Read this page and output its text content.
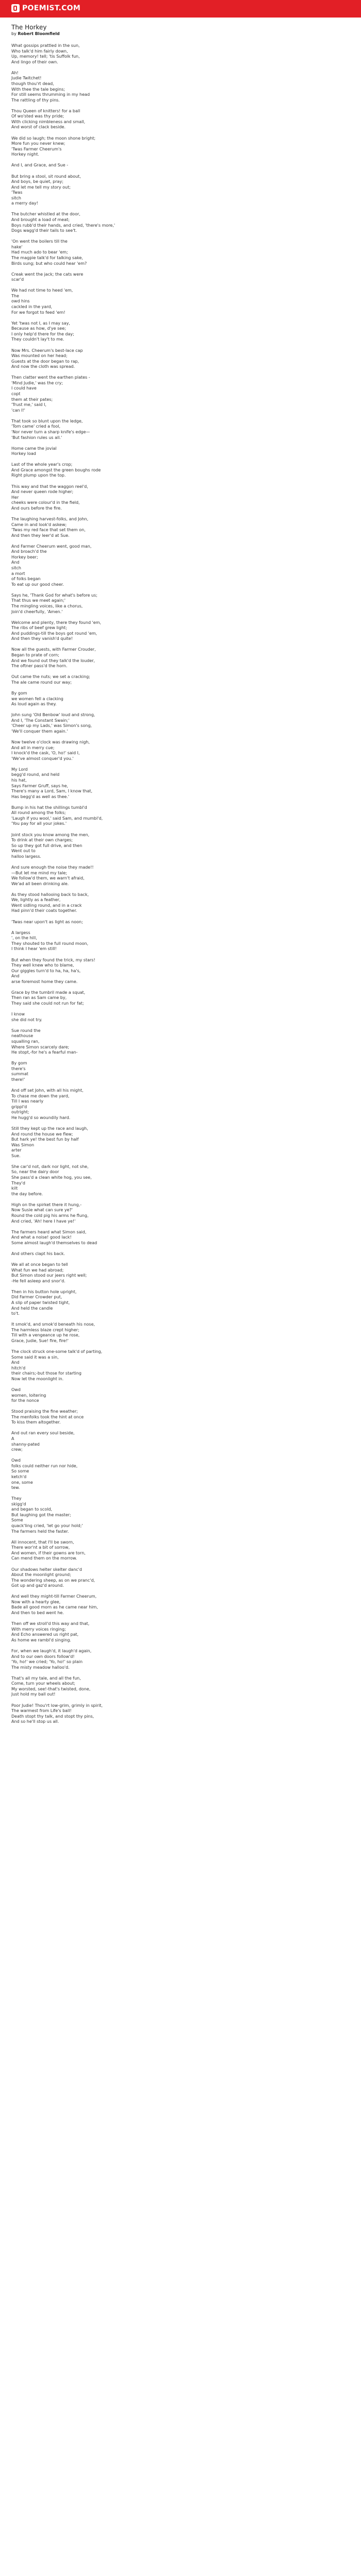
POEMIST.COM
The Horkey
by Robert Bloomfield
What gossips prattled in the sun,
Who talk'd him fairly down,
Up, memory! tell; 'tis Suffolk fun,
And lingo of their own.

Ah!
Judie Twitchet!
though thou'rt dead,
With thee the tale begins;
For still seems thrumming in my head
The rattling of thy pins.

Thou Queen of knitters! for a ball
Of wo'sted was thy pride;
With clicking nimbleness and small,
And worst of clack beside.

We did so laugh; the moon shone bright;
More fun you never knew;
'Twas Farmer Cheerum's
Horkey night.

And I, and Grace, and Sue -

But bring a stool, sit round about,
And boys, be quiet, pray;
And let me tell my story out;
'Twas
sitch
a merry day!

The butcher whistled at the door,
And brought a load of meat;
Boys rubb'd their hands, and cried, 'there's more,'
Dogs wagg'd their tails to see't.

'On went the boilers till the
hake'
Had much ado to bear 'em;
The magpie talk'd for talking sake,
Birds sung; but who could hear 'em?

Creak went the jack; the cats were
scar'd

We had not time to heed 'em,
The
owd hins
cackled in the yard,
For we forgot to feed 'em!

Yet 'twas not I, as I may say,
Because as how, d'ye see;
I only help'd there for the day;
They couldn't lay't to me.

Now Mrs. Cheerum's best-lace cap
Was mounted on her head;
Guests at the door began to rap,
And now the cloth was spread.

Then clatter went the earthen plates -
'Mind Judie,' was the cry;
I could have
copt
them at their pates;
'Trust me,' said I,
'can I!'

That took so blunt upon the ledge,
'Tom came' cried a fool,
'Nor never turn a sharp knife's edge—
'But fashion rules us all.'

Home came the jovial
Horkey load

Last of the whole year's crop;
And Grace amongst the green boughs rode
Right plump upon the top.

This way and that the waggon reel'd,
And never queen rode higher;
Her
cheeks were colour'd in the field,
And ours before the fire.

The laughing harvest-folks, and John,
Came in and look'd askew;
'Twas my red face that set them on,
And then they leer'd at Sue.

And Farmer Cheerum went, good man,
And broach'd the
Horkey beer;
And
sitch
a mort
of folks began
To eat up our good cheer.

Says he, 'Thank God for what's before us;
That thus we meet again;'
The mingling voices, like a chorus,
Join'd cheerfully, 'Amen.'

Welcome and plenty, there they found 'em,
The ribs of beef grew light;
And puddings-till the boys got round 'em,
And then they vanish'd quite!

Now all the guests, with Farmer Crouder,
Began to prate of corn;
And we found out they talk'd the louder,
The oftner pass'd the horn.

Out came the nuts; we set a cracking;
The ale came round our way;

By gom
we women fell a clacking
As loud again as they.

John sung 'Old Benbow' loud and strong,
And I, 'The Constant Swain;'
'Cheer up my Lads,' was Simon's song,
'We'll conquer them again.'

Now twelve o'clock was drawing nigh,
And all in merry cue;
I knock'd the cask, 'O, ho!' said I,
'We've almost conquer'd you.'

My Lord
begg'd round, and held
his hat,
Says Farmer Gruff, says he,
There's many a Lord, Sam, I know that,
Has begg'd as well as thee.'

Bump in his hat the shillings tumbl'd
All round among the folks;
'Laugh if you wool,' said Sam, and mumbl'd,
'You pay for all your jokes.'

Joint stock you know among the men,
To drink at their own charges;
So up they got full drive, and then
Went out to
halloo largess.

And sure enough the noise they made!!
—But let me mind my tale;
We follow'd them, we warn't afraid,
We'ad all been drinking ale.

As they stood hallooing back to back,
We, lightly as a feather,
Went sidling round, and in a crack
Had pinn'd their coats together.

'Twas near upon't as light as noon;

A largess
', on the hill,
They shouted to the full round moon,
I think I hear 'em still!

But when they found the trick, my stars!
They well knew who to blame,
Our giggles turn'd to ha, ha, ha's,
And
arse foremost home they came.

Grace by the tumbril made a squat,
Then ran as Sam came by,
They said she could not run for fat;

I know
she did not try.

Sue round the
neathouse
squalling ran,
Where Simon scarcely dare;
He stopt,-for he's a fearful man-

By gom
there's
summat
there!'

And off set John, with all his might,
To chase me down the yard,
Till I was nearly
grippl'd
outright;
He hugg'd so woundily hard.

Still they kept up the race and laugh,
And round the house we flew;
But hark ye! the best fun by half
Was Simon
arter
Sue.

She car'd not, dark nor light, not she,
So, near the dairy door
She pass'd a clean white hog, you see,
They'd
kilt
the day before.

High on the spirket there it hung,-
Now Susie what can sure ye?'
Round the cold pig his arms he flung,
And cried, 'Ah! here I have ye!'

The farmers heard what Simon said,
And what a noise! good lack!
Some almost laugh'd themselves to dead

And others clapt his back.

We all at once began to tell
What fun we had abroad;
But Simon stood our jeers right well;
-He fell asleep and snor'd.

Then in his button hole upright,
Did Farmer Crowder put,
A slip of paper twisted tight,
And held the candle
to't.

It smok'd, and smok'd beneath his nose,
The harmless blaze crept higher;
Till with a vengeance up he rose,
Grace, Judie, Sue! fire, fire!'

The clock struck one-some talk'd of parting,
Some said it was a sin,
And
hitch'd
their chairs;-but those for starting
Now let the moonlight in.

Owd
women, loitering
for the nonce

Stood praising the fine weather;
The menfolks took the hint at once
To kiss them altogether.

And out ran every soul beside,
A
shanny-pated
crew;

Owd
folks could neither run nor hide,
So some
ketch'd
one, some
tew.

They
skigg'd
and began to scold,
But laughing got the master;
Some
quack'ling cried, 'let go your hold;'
The farmers held the faster.

All innocent, that I'll be sworn,
There wor'nt a bit of sorrow,
And women, if their gowns are torn,
Can mend them on the morrow.

Our shadows helter skelter danc'd
About the moonlight ground;
The wondering sheep, as on we pranc'd,
Got up and gaz'd around.

And well they might-till Farmer Cheerum,
Now with a hearty glee,
Bade all good morn as he came near him,
And then to bed went he.

Then off we stroll'd this way and that,
With merry voices ringing;
And Echo answered us right pat,
As home we rambl'd singing.

For, when we laugh'd, it laugh'd again,
And to our own doors follow'd!
'Yo, ho!' we cried; 'Yo, ho!' so plain
The misty meadow halloo'd.

That's all my tale, and all the fun,
Come, turn your wheels about;
My worsted, see!-that's twisted, done,
Just hold my ball out!

Poor Judie! Thou'rt low-grim, grimly in spirit,
The warmest from Life's ball!
Death stopt thy talk, and stopt thy pins,
And so he'll stop us all.
